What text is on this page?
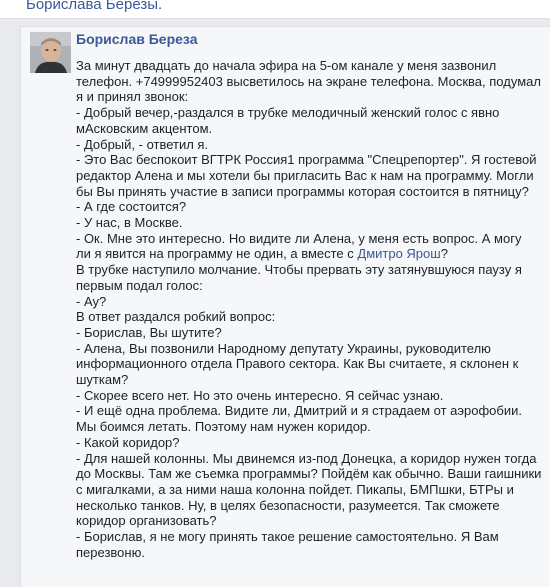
Борислава Березы.
Борислав Береза
За минут двадцать до начала эфира на 5-ом канале у меня зазвонил
телефон. +74999952403 высветилось на экране телефона. Москва, подумал
я и принял звонок:
- Добрый вечер,-раздался в трубке мелодичный женский голос с явно
мАсковским акцентом.
- Добрый, - ответил я.
- Это Вас беспокоит ВГТРК Россия1 программа "Спецрепортер". Я гостевой
редактор Алена и мы хотели бы пригласить Вас к нам на программу. Могли
бы Вы принять участие в записи программы которая состоится в пятницу?
- А где состоится?
- У нас, в Москве.
- Ок. Мне это интересно. Но видите ли Алена, у меня есть вопрос. А могу
ли я явится на программу не один, а вместе с Дмитро Ярош?
В трубке наступило молчание. Чтобы прервать эту затянувшуюся паузу я
первым подал голос:
- Ау?
В ответ раздался робкий вопрос:
- Борислав, Вы шутите?
- Алена, Вы позвонили Народному депутату Украины, руководителю
информационного отдела Правого сектора. Как Вы считаете, я склонен к
шуткам?
- Скорее всего нет. Но это очень интересно. Я сейчас узнаю.
- И ещё одна проблема. Видите ли, Дмитрий и я страдаем от аэрофобии.
Мы боимся летать. Поэтому нам нужен коридор.
- Какой коридор?
- Для нашей колонны. Мы двинемся из-под Донецка, а коридор нужен тогда
до Москвы. Там же съемка программы? Пойдём как обычно. Ваши гаишники
с мигалками, а за ними наша колонна пойдет. Пикапы, БМПшки, БТРы и
несколько танков. Ну, в целях безопасности, разумеется. Так сможете
коридор организовать?
- Борислав, я не могу принять такое решение самостоятельно. Я Вам
перезвоню.
